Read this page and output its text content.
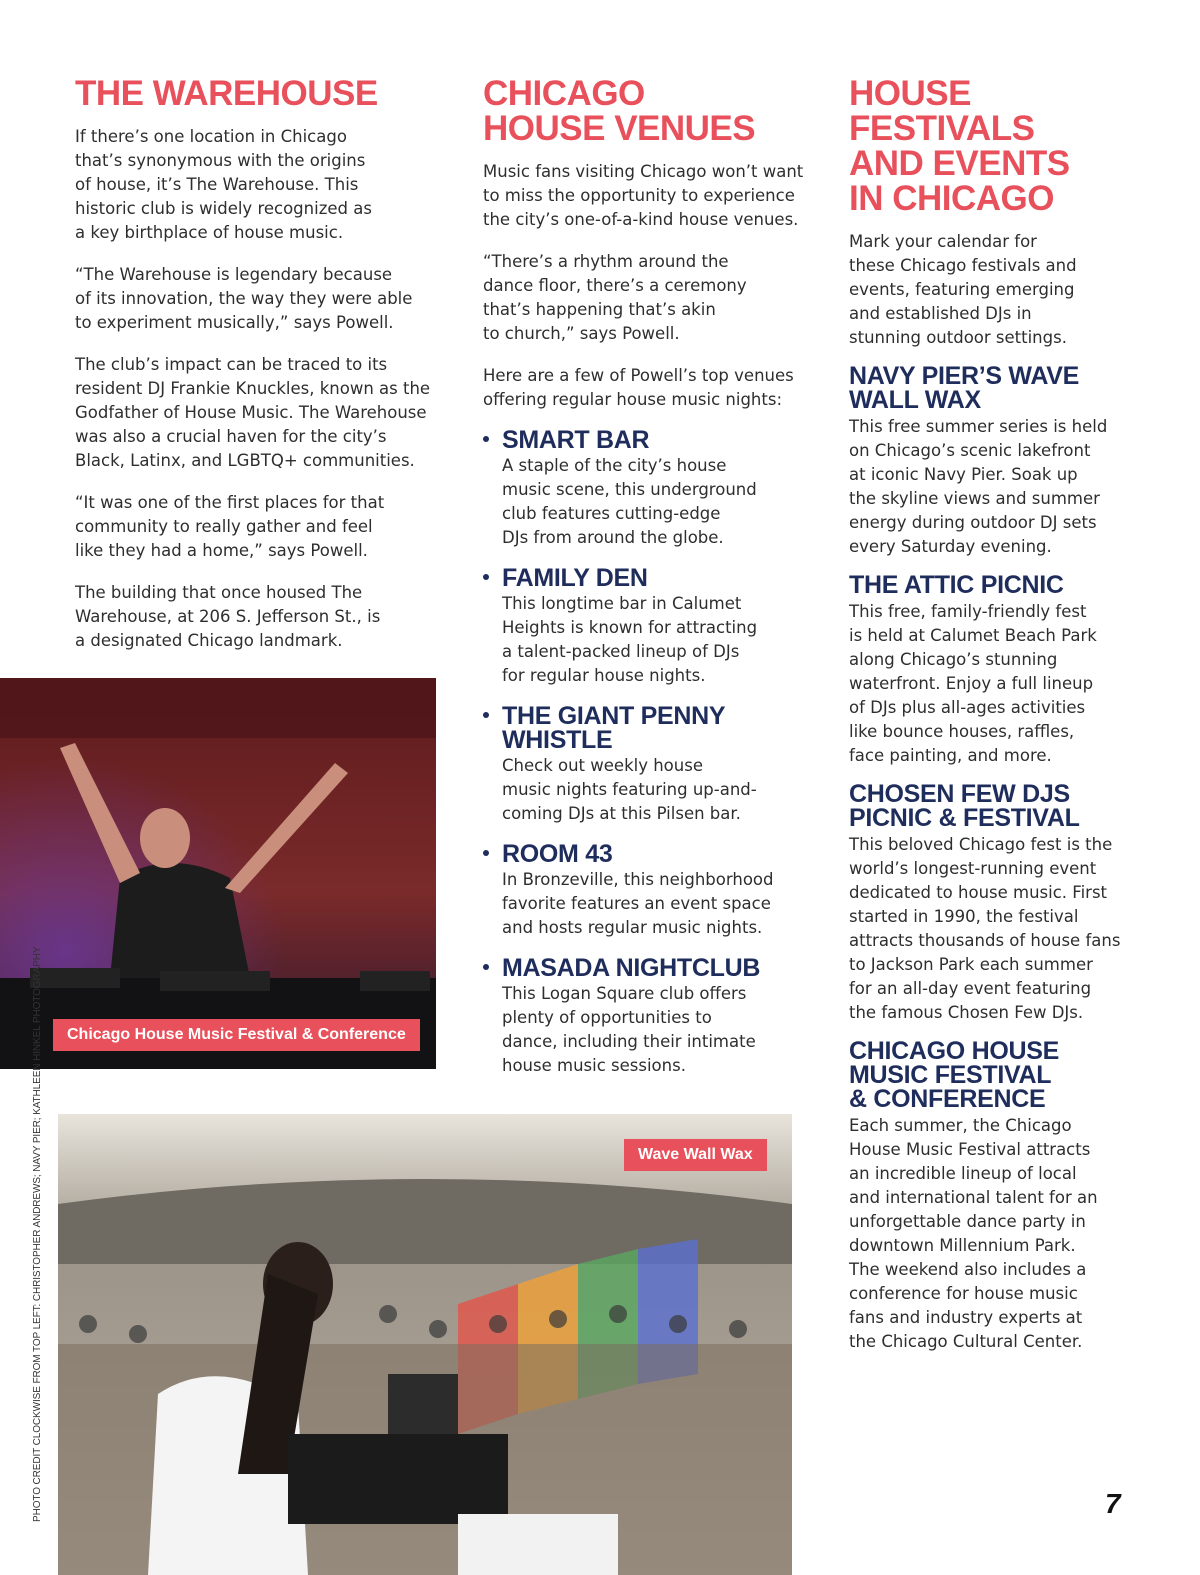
THE WAREHOUSE

If there’s one location in Chicago
that’s synonymous with the origins
of house, it’s The Warehouse. This
historic club is widely recognized as
a key birthplace of house music.

“The Warehouse is legendary because
of its innovation, the way they were able
to experiment musically,” says Powell.

The club’s impact can be traced to its
resident DJ Frankie Knuckles, known as the
Godfather of House Music. The Warehouse
was also a crucial haven for the city’s
Black, Latinx, and LGBTQ+ communities.

“It was one of the first places for that
community to really gather and feel
like they had a home,” says Powell.

The building that once housed The
Warehouse, at 206 S. Jefferson St., is
a designated Chicago landmark.

CHICAGO
HOUSE VENUES

Music fans visiting Chicago won’t want
to miss the opportunity to experience
the city’s one-of-a-kind house venues.

“There’s a rhythm around the
dance floor, there’s a ceremony
that’s happening that’s akin
to church,” says Powell.

Here are a few of Powell’s top venues
offering regular house music nights:

SMART BAR

A staple of the city’s house
music scene, this underground
club features cutting-edge
DJs from around the globe.

FAMILY DEN

This longtime bar in Calumet
Heights is known for attracting
a talent-packed lineup of DJs
for regular house nights.

THE GIANT PENNY
WHISTLE

Check out weekly house
music nights featuring up-and-
coming DJs at this Pilsen bar.

ROOM 43

In Bronzeville, this neighborhood
favorite features an event space
and hosts regular music nights.

MASADA NIGHTCLUB

This Logan Square club offers
plenty of opportunities to
dance, including their intimate
house music sessions.

HOUSE
FESTIVALS
AND EVENTS
IN CHICAGO

Mark your calendar for
these Chicago festivals and
events, featuring emerging
and established DJs in
stunning outdoor settings.

NAVY PIER’S WAVE
WALL WAX

This free summer series is held
on Chicago’s scenic lakefront
at iconic Navy Pier. Soak up
the skyline views and summer
energy during outdoor DJ sets
every Saturday evening.

THE ATTIC PICNIC

This free, family-friendly fest
is held at Calumet Beach Park
along Chicago’s stunning
waterfront. Enjoy a full lineup
of DJs plus all-ages activities
like bounce houses, raffles,
face painting, and more.

CHOSEN FEW DJS
PICNIC & FESTIVAL

This beloved Chicago fest is the
world’s longest-running event
dedicated to house music. First
started in 1990, the festival
attracts thousands of house fans
to Jackson Park each summer
for an all-day event featuring
the famous Chosen Few DJs.

CHICAGO HOUSE
MUSIC FESTIVAL
& CONFERENCE

Each summer, the Chicago
House Music Festival attracts
an incredible lineup of local
and international talent for an
unforgettable dance party in
downtown Millennium Park.
The weekend also includes a
conference for house music
fans and industry experts at
the Chicago Cultural Center.

Chicago House Music Festival & Conference
Wave Wall Wax
PHOTO CREDIT CLOCKWISE FROM TOP LEFT: CHRISTOPHER ANDREWS; NAVY PIER; KATHLEEN HINKEL PHOTOGRAPHY	7
